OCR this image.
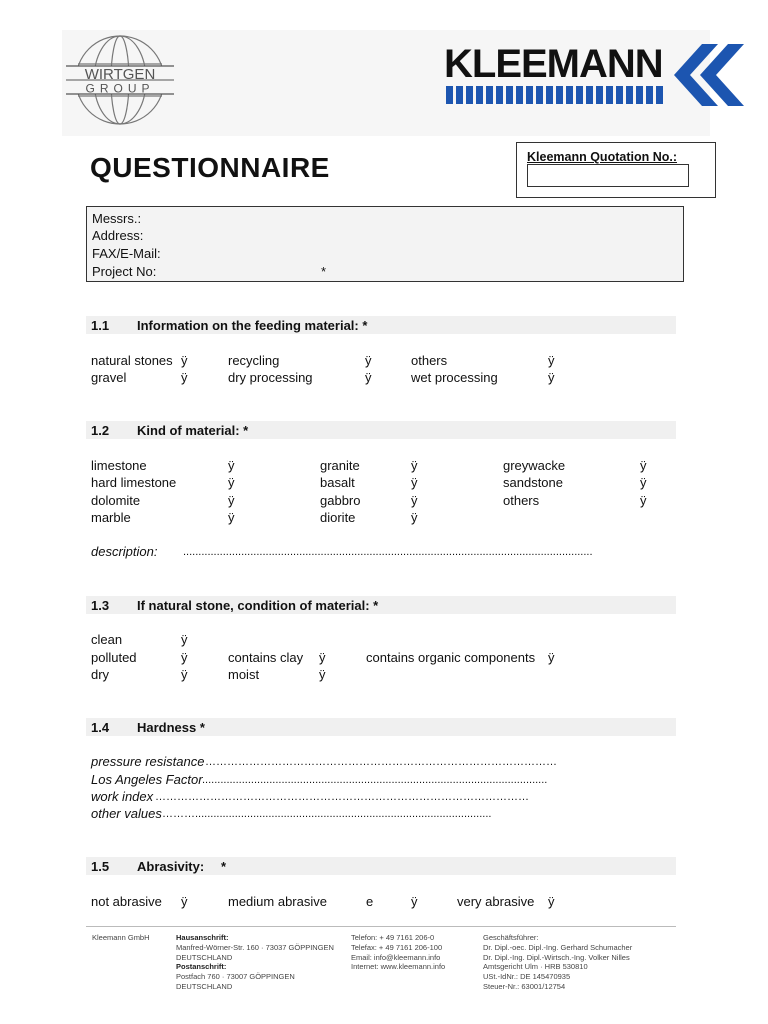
WIRTGEN
GROUP
KLEEMANN
QUESTIONNAIRE	Kleemann Quotation No.:
Messrs.:
Address:
FAX/E-Mail:
Project No:	*
1.1 Information on the feeding material: *
natural stones ÿ	recycling	ÿ	others	ÿ
gravel	ÿ	dry processing	ÿ	wet processing	ÿ
1.2 Kind of material: *
limestone	ÿ	granite	ÿ	greywacke	ÿ
hard limestone	ÿ	basalt	ÿ	sandstone	ÿ
dolomite	ÿ	gabbro	ÿ	others	ÿ
marble	ÿ	diorite	ÿ
description: ......................................................................................................................................
1.3 If natural stone, condition of material: *
clean	ÿ
polluted	ÿ	contains clay ÿ	contains organic components ÿ
dry	ÿ	moist	ÿ
1.4 Hardness *
pressure resistance ……………………………………………………………………………………
Los Angeles Factor .................................................................................................................
work index …………………………………………………………………………………………
other values ……….................................................................................................
1.5 Abrasivity: *
not abrasive ÿ	medium abrasive	e	ÿ	very abrasive ÿ
Kleemann GmbH	Hausanschrift:
Manfred-Wörner-Str. 160 · 73037 GÖPPINGEN
DEUTSCHLAND
Postanschrift:
Postfach 760 · 73007 GÖPPINGEN
DEUTSCHLAND
Telefon: + 49 7161 206-0
Telefax: + 49 7161 206-100
Email: info@kleemann.info
Internet: www.kleemann.info
Geschäftsführer:
Dr. Dipl.-oec. Dipl.-Ing. Gerhard Schumacher
Dr. Dipl.-Ing. Dipl.-Wirtsch.-Ing. Volker Nilles
Amtsgericht Ulm · HRB 530810
USt.-IdNr.: DE 145470935
Steuer-Nr.: 63001/12754
